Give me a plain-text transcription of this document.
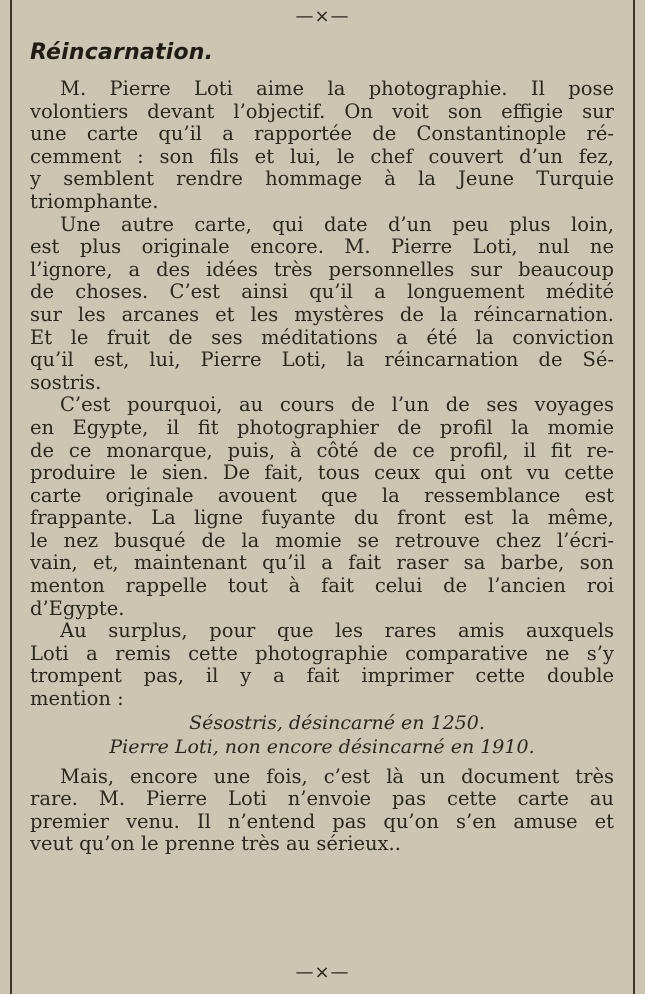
—×—
Réincarnation.
M. Pierre Loti aime la photographie. Il pose
volontiers devant l’objectif. On voit son effigie sur
une carte qu’il a rapportée de Constantinople ré-
cemment : son fils et lui, le chef couvert d’un fez,
y semblent rendre hommage à la Jeune Turquie
triomphante.
Une autre carte, qui date d’un peu plus loin,
est plus originale encore. M. Pierre Loti, nul ne
l’ignore, a des idées très personnelles sur beaucoup
de choses. C’est ainsi qu’il a longuement médité
sur les arcanes et les mystères de la réincarnation.
Et le fruit de ses méditations a été la conviction
qu’il est, lui, Pierre Loti, la réincarnation de Sé-
sostris.
C’est pourquoi, au cours de l’un de ses voyages
en Egypte, il fit photographier de profil la momie
de ce monarque, puis, à côté de ce profil, il fit re-
produire le sien. De fait, tous ceux qui ont vu cette
carte originale avouent que la ressemblance est
frappante. La ligne fuyante du front est la même,
le nez busqué de la momie se retrouve chez l’écri-
vain, et, maintenant qu’il a fait raser sa barbe, son
menton rappelle tout à fait celui de l’ancien roi
d’Egypte.
Au surplus, pour que les rares amis auxquels
Loti a remis cette photographie comparative ne s’y
trompent pas, il y a fait imprimer cette double
mention :
Sésostris, désincarné en 1250.
Pierre Loti, non encore désincarné en 1910.
Mais, encore une fois, c’est là un document très
rare. M. Pierre Loti n’envoie pas cette carte au
premier venu. Il n’entend pas qu’on s’en amuse et
veut qu’on le prenne très au sérieux..
—×—
